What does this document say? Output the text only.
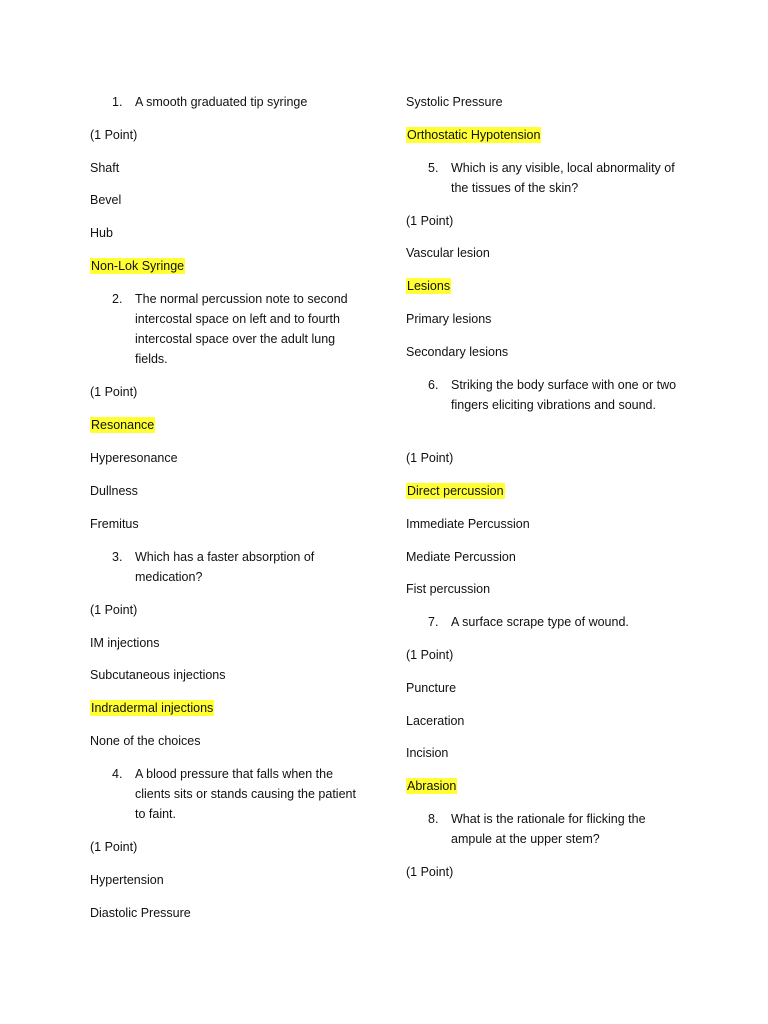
1. A smooth graduated tip syringe
(1 Point)
Shaft
Bevel
Hub
Non-Lok Syringe
2. The normal percussion note to second intercostal space on left and to fourth intercostal space over the adult lung fields.
(1 Point)
Resonance
Hyperesonance
Dullness
Fremitus
3. Which has a faster absorption of medication?
(1 Point)
IM injections
Subcutaneous injections
Indradermal injections
None of the choices
4. A blood pressure that falls when the clients sits or stands causing the patient to faint.
(1 Point)
Hypertension
Diastolic Pressure
Systolic Pressure
Orthostatic Hypotension
5. Which is any visible, local abnormality of the tissues of the skin?
(1 Point)
Vascular lesion
Lesions
Primary lesions
Secondary lesions
6. Striking the body surface with one or two fingers eliciting vibrations and sound.
(1 Point)
Direct percussion
Immediate Percussion
Mediate Percussion
Fist percussion
7. A surface scrape type of wound.
(1 Point)
Puncture
Laceration
Incision
Abrasion
8. What is the rationale for flicking the ampule at the upper stem?
(1 Point)
